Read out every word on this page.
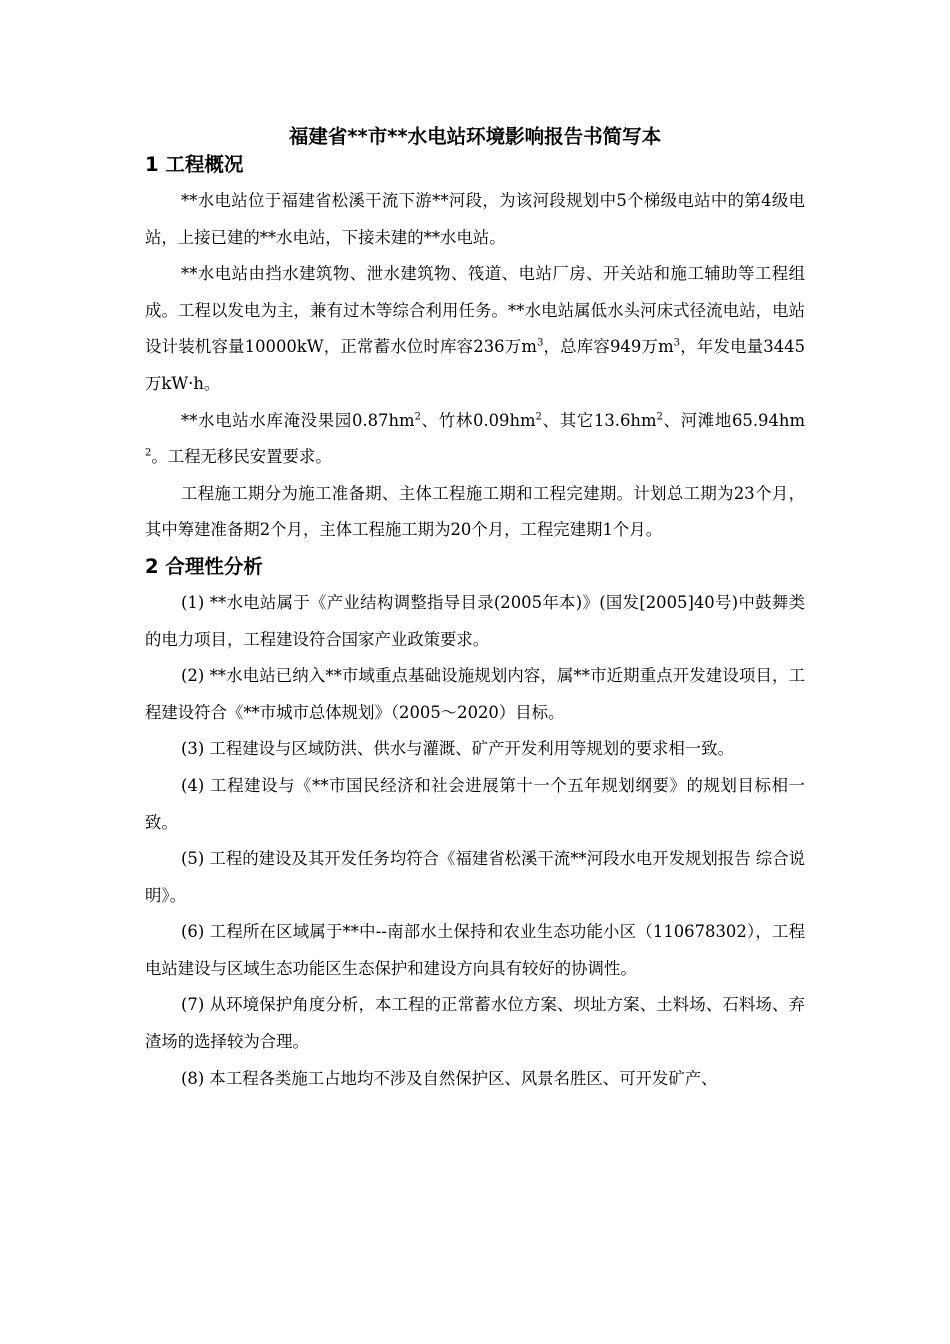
福建省**市**水电站环境影响报告书简写本
1 工程概况

**水电站位于福建省松溪干流下游**河段，为该河段规划中5个梯级电站中的第4级电站，上接已建的**水电站，下接未建的**水电站。

**水电站由挡水建筑物、泄水建筑物、筏道、电站厂房、开关站和施工辅助等工程组成。工程以发电为主，兼有过木等综合利用任务。**水电站属低水头河床式径流电站，电站设计装机容量10000kW，正常蓄水位时库容236万$m^3$，总库容949万$m^3$，年发电量3445万kW·h。

**水电站水库淹没果园$0.87hm^2$、竹林$0.09hm^2$、其它$13.6hm^2$、河滩地$65.94hm^2$。工程无移民安置要求。

工程施工期分为施工准备期、主体工程施工期和工程完建期。计划总工期为23个月，其中筹建准备期2个月，主体工程施工期为20个月，工程完建期1个月。

2 合理性分析

(1) **水电站属于《产业结构调整指导目录(2005年本)》(国发[2005]40号)中鼓舞类的电力项目，工程建设符合国家产业政策要求。

(2) **水电站已纳入**市域重点基础设施规划内容，属**市近期重点开发建设项目，工程建设符合《**市城市总体规划》（2005～2020）目标。

(3) 工程建设与区域防洪、供水与灌溉、矿产开发利用等规划的要求相一致。

(4) 工程建设与《**市国民经济和社会进展第十一个五年规划纲要》的规划目标相一致。

(5) 工程的建设及其开发任务均符合《福建省松溪干流**河段水电开发规划报告 综合说明》。

(6) 工程所在区域属于**中--南部水土保持和农业生态功能小区（110678302），工程电站建设与区域生态功能区生态保护和建设方向具有较好的协调性。

(7) 从环境保护角度分析，本工程的正常蓄水位方案、坝址方案、土料场、石料场、弃渣场的选择较为合理。

(8) 本工程各类施工占地均不涉及自然保护区、风景名胜区、可开发矿产、
